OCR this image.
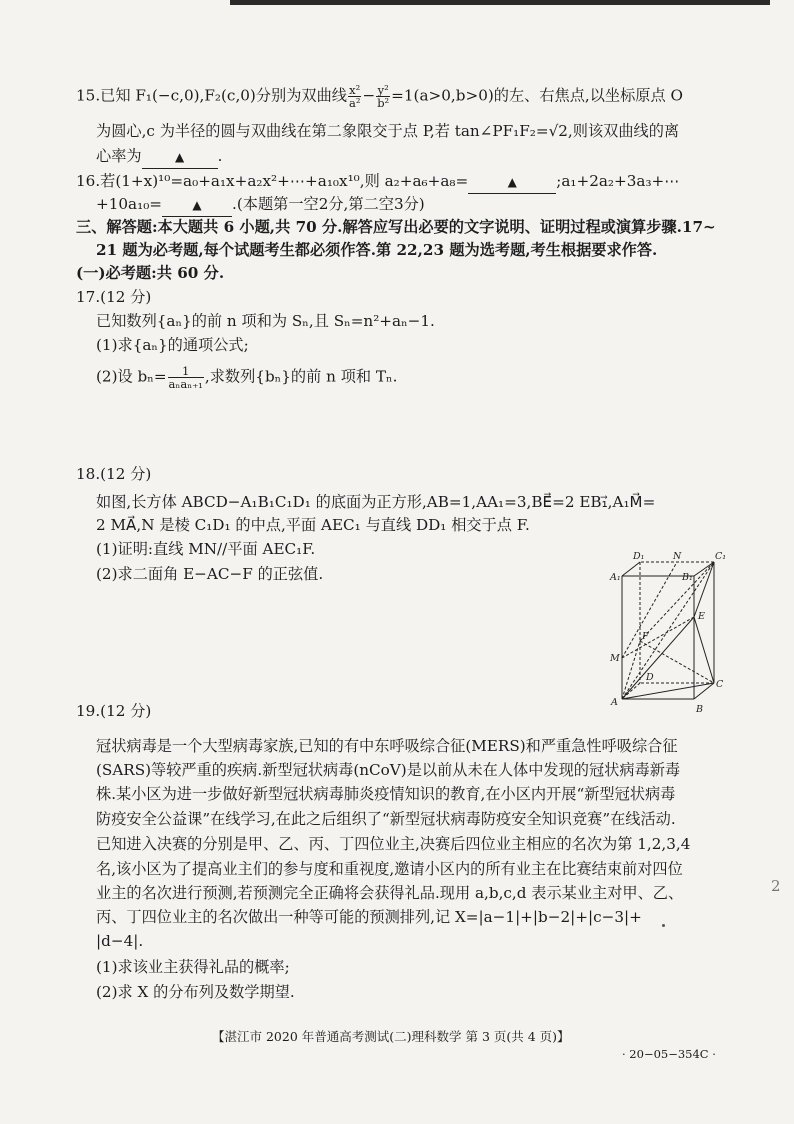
15.已知 F₁(−c,0),F₂(c,0)分别为双曲线 $\frac{\text{x²}}{\text{a²}} - \frac{\text{y²}}{\text{b²}} =1(a>0,b>0)$的左、右焦点,以坐标原点 O
为圆心,c 为半径的圆与双曲线在第二象限交于点 P,若 tan∠PF₁F₂=√2,则该双曲线的离
心率为	▲ .
16.若(1+x)¹⁰=a₀+a₁x+a₂x²+⋯+a₁₀x¹⁰,则 a₂+a₆+a₈=	▲	;a₁+2a₂+3a₃+⋯
+10a₁₀=	▲ .(本题第一空2分,第二空3分)
三、解答题:本大题共 6 小题,共 70 分.解答应写出必要的文字说明、证明过程或演算步骤.17~
21 题为必考题,每个试题考生都必须作答.第 22,23 题为选考题,考生根据要求作答.
(一)必考题:共 60 分.
17.(12 分)
已知数列{aₙ}的前 n 项和为 Sₙ,且 Sₙ=n²+aₙ−1.
(1)求{aₙ}的通项公式;
(2)设 $b_n= \frac{1}{\text{aₙaₙ₊₁}}$ ,求数列{bₙ}的前 n 项和 Tₙ.
18.(12 分)
如图,长方体 ABCD−A₁B₁C₁D₁ 的底面为正方形,AB=1,AA₁=3,BE⃗=2 EB₁⃗,A₁M⃗=
2 MA⃗,N 是棱 C₁D₁ 的中点,平面 AEC₁ 与直线 DD₁ 相交于点 F.
(1)证明:直线 MN∕∕平面 AEC₁F.
(2)求二面角 E−AC−F 的正弦值.
D₁	N	C₁
A₁	B₁
E
F
M
D
C
A
B
19.(12 分)
冠状病毒是一个大型病毒家族,已知的有中东呼吸综合征(MERS)和严重急性呼吸综合征
(SARS)等较严重的疾病.新型冠状病毒(nCoV)是以前从未在人体中发现的冠状病毒新毒
株.某小区为进一步做好新型冠状病毒肺炎疫情知识的教育,在小区内开展“新型冠状病毒
防疫安全公益课”在线学习,在此之后组织了“新型冠状病毒防疫安全知识竞赛”在线活动.
已知进入决赛的分别是甲、乙、丙、丁四位业主,决赛后四位业主相应的名次为第 1,2,3,4
名,该小区为了提高业主们的参与度和重视度,邀请小区内的所有业主在比赛结束前对四位
业主的名次进行预测,若预测完全正确将会获得礼品.现用 a,b,c,d 表示某业主对甲、乙、
丙、丁四位业主的名次做出一种等可能的预测排列,记 X=|a−1|+|b−2|+|c−3|+
|d−4|.
(1)求该业主获得礼品的概率;
(2)求 X 的分布列及数学期望.
2
【湛江市 2020 年普通高考测试(二)理科数学 第 3 页(共 4 页)】
· 20−05−354C ·
